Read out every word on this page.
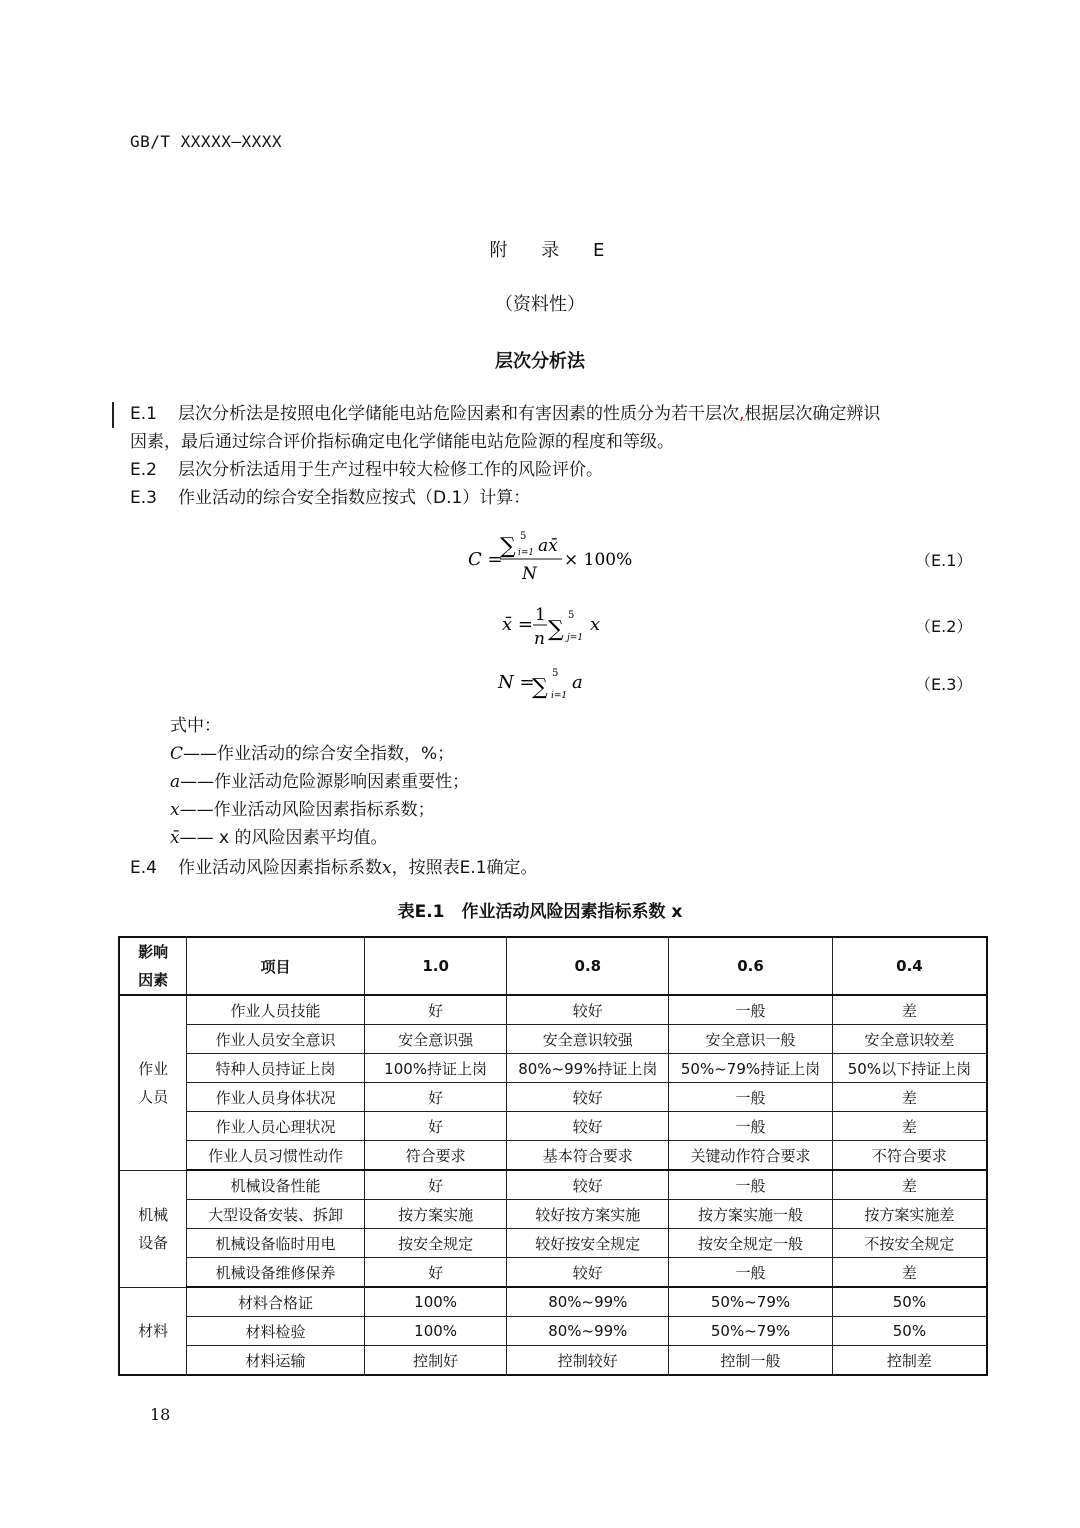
GB/T XXXXX—XXXX
附 录 E
（资料性）
层次分析法
E.1 层次分析法是按照电化学储能电站危险因素和有害因素的性质分为若干层次,根据层次确定辨识
因素，最后通过综合评价指标确定电化学储能电站危险源的程度和等级。
E.2 层次分析法适用于生产过程中较大检修工作的风险评价。
E.3 作业活动的综合安全指数应按式（D.1）计算：
C =
∑ 5
i=1 ax̄
N
× 100%	（E.1）
x̄ = 1
n ∑
5
j=1
x	（E.2）
N =
∑
5
i=1
a	（E.3）
式中：
C——作业活动的综合安全指数，%；
a——作业活动危险源影响因素重要性；
x——作业活动风险因素指标系数；
x̄—— x 的风险因素平均值。
E.4 作业活动风险因素指标系数x，按照表E.1确定。
表E.1　作业活动风险因素指标系数 x
影响
因素	项目	1.0	0.8	0.6	0.4
作业
人员	作业人员技能	好	较好	一般	差
	作业人员安全意识	安全意识强	安全意识较强	安全意识一般	安全意识较差
	特种人员持证上岗	100%持证上岗	80%~99%持证上岗	50%~79%持证上岗	50%以下持证上岗
	作业人员身体状况	好	较好	一般	差
	作业人员心理状况	好	较好	一般	差
	作业人员习惯性动作	符合要求	基本符合要求	关键动作符合要求	不符合要求
机械
设备	机械设备性能	好	较好	一般	差
	大型设备安装、拆卸	按方案实施	较好按方案实施	按方案实施一般	按方案实施差
	机械设备临时用电	按安全规定	较好按安全规定	按安全规定一般	不按安全规定
	机械设备维修保养	好	较好	一般	差
材料	材料合格证	100%	80%~99%	50%~79%	50%
	材料检验	100%	80%~99%	50%~79%	50%
	材料运输	控制好	控制较好	控制一般	控制差
18
